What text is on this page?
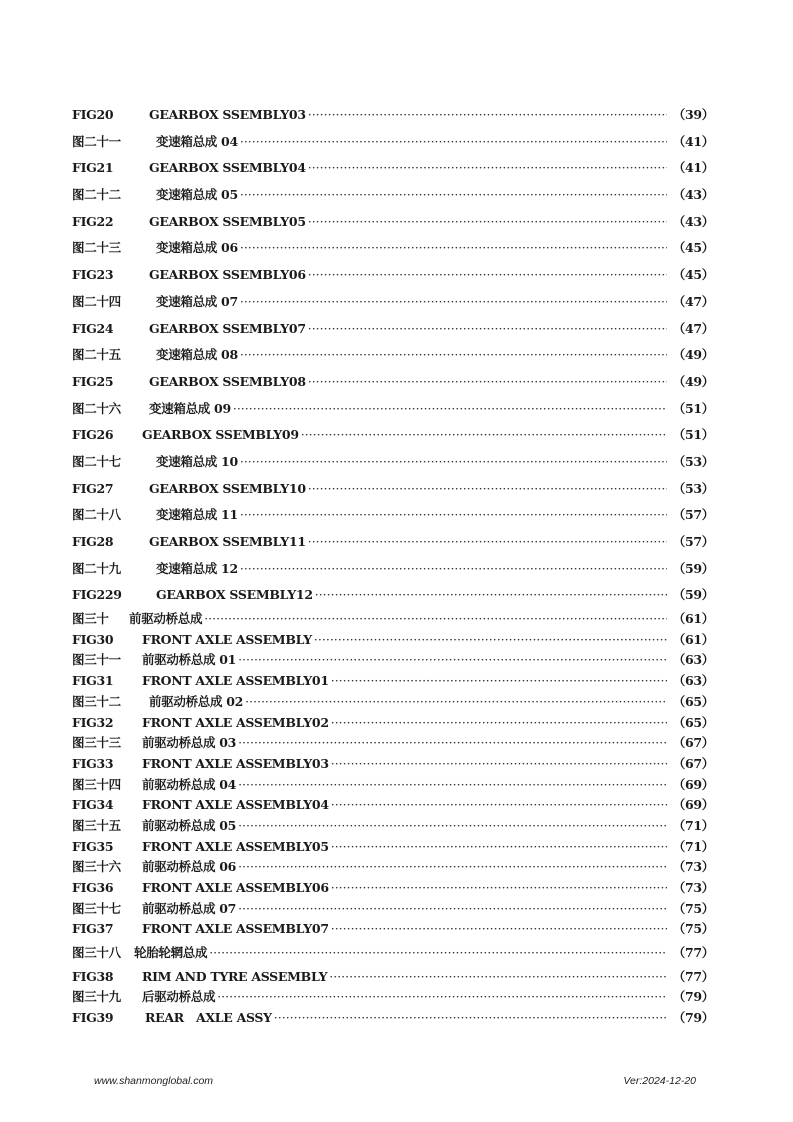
FIG20	GEARBOX SSEMBLY03 ·····	（39）
图二十一	变速箱总成 04 ·····	（41）
FIG21	GEARBOX SSEMBLY04 ·····	（41）
图二十二	变速箱总成 05 ·····	（43）
FIG22	GEARBOX SSEMBLY05 ·····	（43）
图二十三	变速箱总成 06 ·····	（45）
FIG23	GEARBOX SSEMBLY06 ·····	（45）
图二十四	变速箱总成 07 ·····	（47）
FIG24	GEARBOX SSEMBLY07 ·····	（47）
图二十五	变速箱总成 08 ·····	（49）
FIG25	GEARBOX SSEMBLY08 ·····	（49）
图二十六	变速箱总成 09 ·····	（51）
FIG26	GEARBOX SSEMBLY09 ·····	（51）
图二十七	变速箱总成 10 ·····	（53）
FIG27	GEARBOX SSEMBLY10 ·····	（53）
图二十八	变速箱总成 11 ·····	（57）
FIG28	GEARBOX SSEMBLY11 ·····	（57）
图二十九	变速箱总成 12 ·····	（59）
FIG229	GEARBOX SSEMBLY12 ·····	（59）
图三十	前驱动桥总成 ·····	（61）
FIG30	FRONT AXLE ASSEMBLY ·····	（61）
图三十一	前驱动桥总成 01 ·····	（63）
FIG31	FRONT AXLE ASSEMBLY01 ·····	（63）
图三十二	前驱动桥总成 02 ·····	（65）
FIG32	FRONT AXLE ASSEMBLY02 ·····	（65）
图三十三	前驱动桥总成 03 ·····	（67）
FIG33	FRONT AXLE ASSEMBLY03 ·····	（67）
图三十四	前驱动桥总成 04 ·····	（69）
FIG34	FRONT AXLE ASSEMBLY04 ·····	（69）
图三十五	前驱动桥总成 05 ·····	（71）
FIG35	FRONT AXLE ASSEMBLY05 ·····	（71）
图三十六	前驱动桥总成 06 ·····	（73）
FIG36	FRONT AXLE ASSEMBLY06 ·····	（73）
图三十七	前驱动桥总成 07 ·····	（75）
FIG37	FRONT AXLE ASSEMBLY07 ·····	（75）
图三十八	轮胎轮辋总成 ·····	（77）
FIG38	RIM AND TYRE ASSEMBLY ·····	（77）
图三十九	后驱动桥总成 ·····	（79）
FIG39	REAR　AXLE ASSY ·····	（79）
www.shanmonglobal.com	Ver:2024-12-20
